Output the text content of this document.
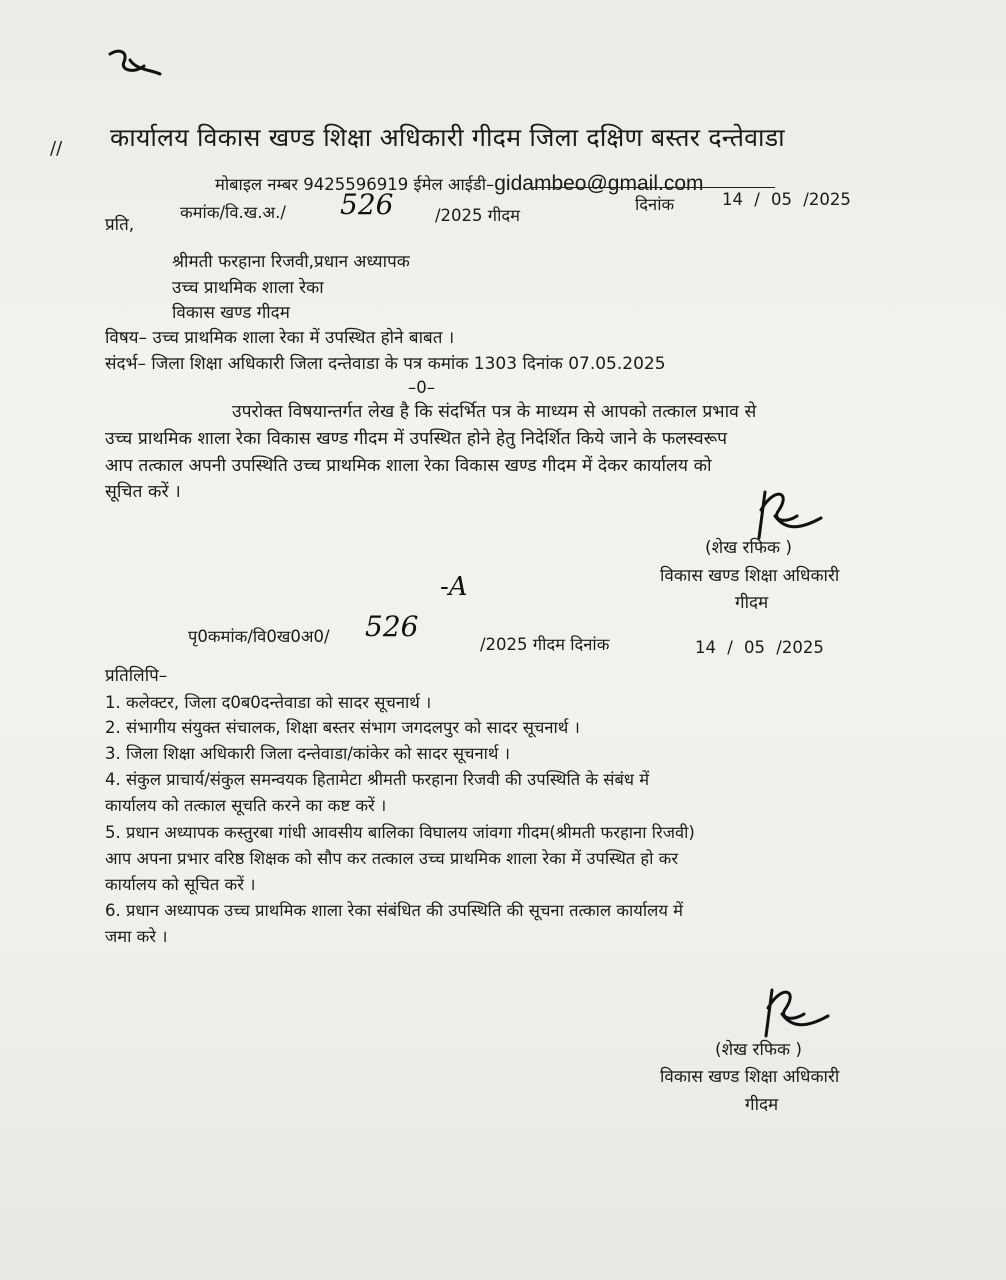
// कार्यालय विकास खण्ड शिक्षा अधिकारी गीदम जिला दक्षिण बस्तर दन्तेवाडा
मोबाइल नम्बर 9425596919 ईमेल आईडी–gidambeo@gmail.com
कमांक/वि.ख.अ./ 526	/2025 गीदम
दिनांक	14 / 05 /2025
प्रति,
श्रीमती फरहाना रिजवी,प्रधान अध्यापक
उच्च प्राथमिक शाला रेका
विकास खण्ड गीदम
विषय– उच्च प्राथमिक शाला रेका में उपस्थित होने बाबत ।
संदर्भ– जिला शिक्षा अधिकारी जिला दन्तेवाडा के पत्र कमांक 1303 दिनांक 07.05.2025
–0–
उपरोक्त विषयान्तर्गत लेख है कि संदर्भित पत्र के माध्यम से आपको तत्काल प्रभाव से
उच्च प्राथमिक शाला रेका विकास खण्ड गीदम में उपस्थित होने हेतु निदेर्शित किये जाने के फलस्वरूप
आप तत्काल अपनी उपस्थिति उच्च प्राथमिक शाला रेका विकास खण्ड गीदम में देकर कार्यालय को
सूचित करें ।
(शेख रफिक )
विकास खण्ड शिक्षा अधिकारी
गीदम
-A
पृ0कमांक/वि0ख0अ0/ 526
/2025 गीदम दिनांक	14 / 05 /2025
प्रतिलिपि–
1. कलेक्टर, जिला द0ब0दन्तेवाडा को सादर सूचनार्थ ।
2. संभागीय संयुक्त संचालक, शिक्षा बस्तर संभाग जगदलपुर को सादर सूचनार्थ ।
3. जिला शिक्षा अधिकारी जिला दन्तेवाडा/कांकेर को सादर सूचनार्थ ।
4. संकुल प्राचार्य/संकुल समन्वयक हितामेटा श्रीमती फरहाना रिजवी की उपस्थिति के संबंध में
कार्यालय को तत्काल सूचति करने का कष्ट करें ।
5. प्रधान अध्यापक कस्तुरबा गांधी आवसीय बालिका विघालय जांवगा गीदम(श्रीमती फरहाना रिजवी)
आप अपना प्रभार वरिष्ठ शिक्षक को सौप कर तत्काल उच्च प्राथमिक शाला रेका में उपस्थित हो कर
कार्यालय को सूचित करें ।
6. प्रधान अध्यापक उच्च प्राथमिक शाला रेका संबंधित की उपस्थिति की सूचना तत्काल कार्यालय में
जमा करे ।
(शेख रफिक )
विकास खण्ड शिक्षा अधिकारी
गीदम
